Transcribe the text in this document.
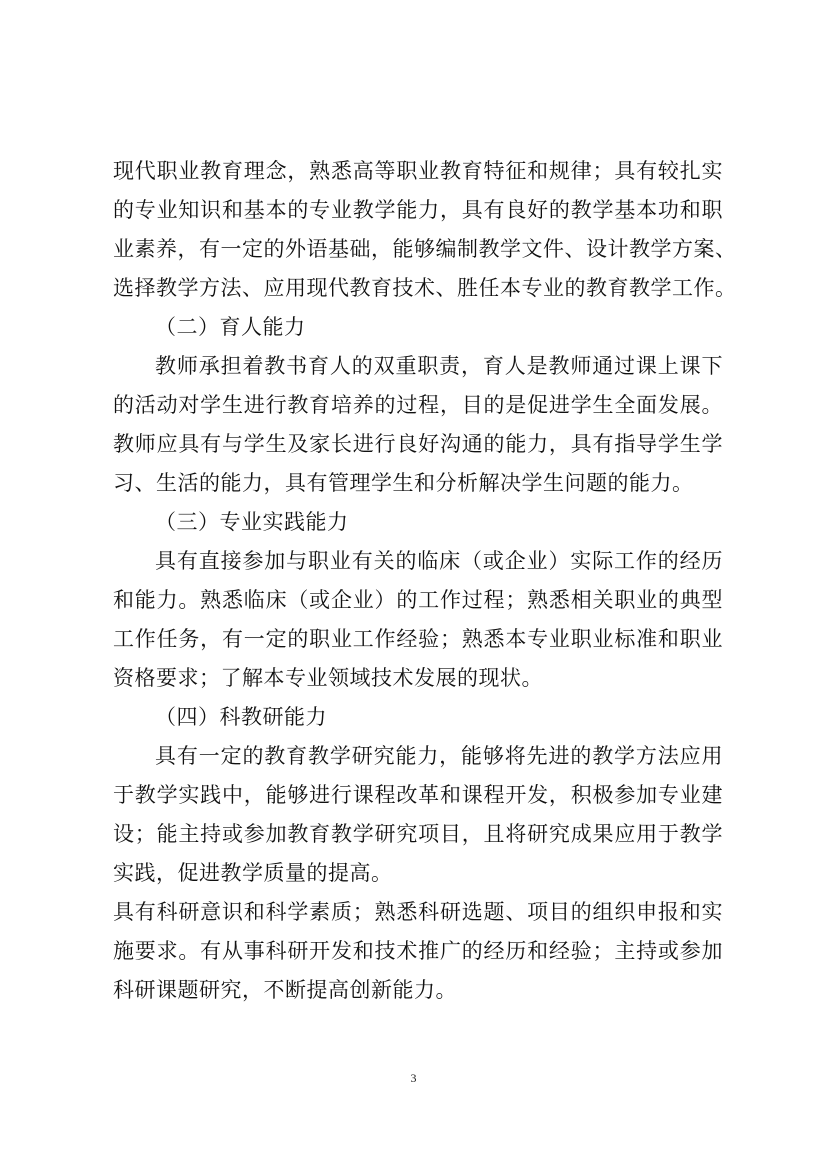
现代职业教育理念，熟悉高等职业教育特征和规律；具有较扎实
的专业知识和基本的专业教学能力，具有良好的教学基本功和职
业素养，有一定的外语基础，能够编制教学文件、设计教学方案、
选择教学方法、应用现代教育技术、胜任本专业的教育教学工作。
（二）育人能力
教师承担着教书育人的双重职责，育人是教师通过课上课下
的活动对学生进行教育培养的过程，目的是促进学生全面发展。
教师应具有与学生及家长进行良好沟通的能力，具有指导学生学
习、生活的能力，具有管理学生和分析解决学生问题的能力。
（三）专业实践能力
具有直接参加与职业有关的临床（或企业）实际工作的经历
和能力。熟悉临床（或企业）的工作过程；熟悉相关职业的典型
工作任务，有一定的职业工作经验；熟悉本专业职业标准和职业
资格要求；了解本专业领域技术发展的现状。
（四）科教研能力
具有一定的教育教学研究能力，能够将先进的教学方法应用
于教学实践中，能够进行课程改革和课程开发，积极参加专业建
设；能主持或参加教育教学研究项目，且将研究成果应用于教学
实践，促进教学质量的提高。
具有科研意识和科学素质；熟悉科研选题、项目的组织申报和实
施要求。有从事科研开发和技术推广的经历和经验；主持或参加
科研课题研究，不断提高创新能力。
3
